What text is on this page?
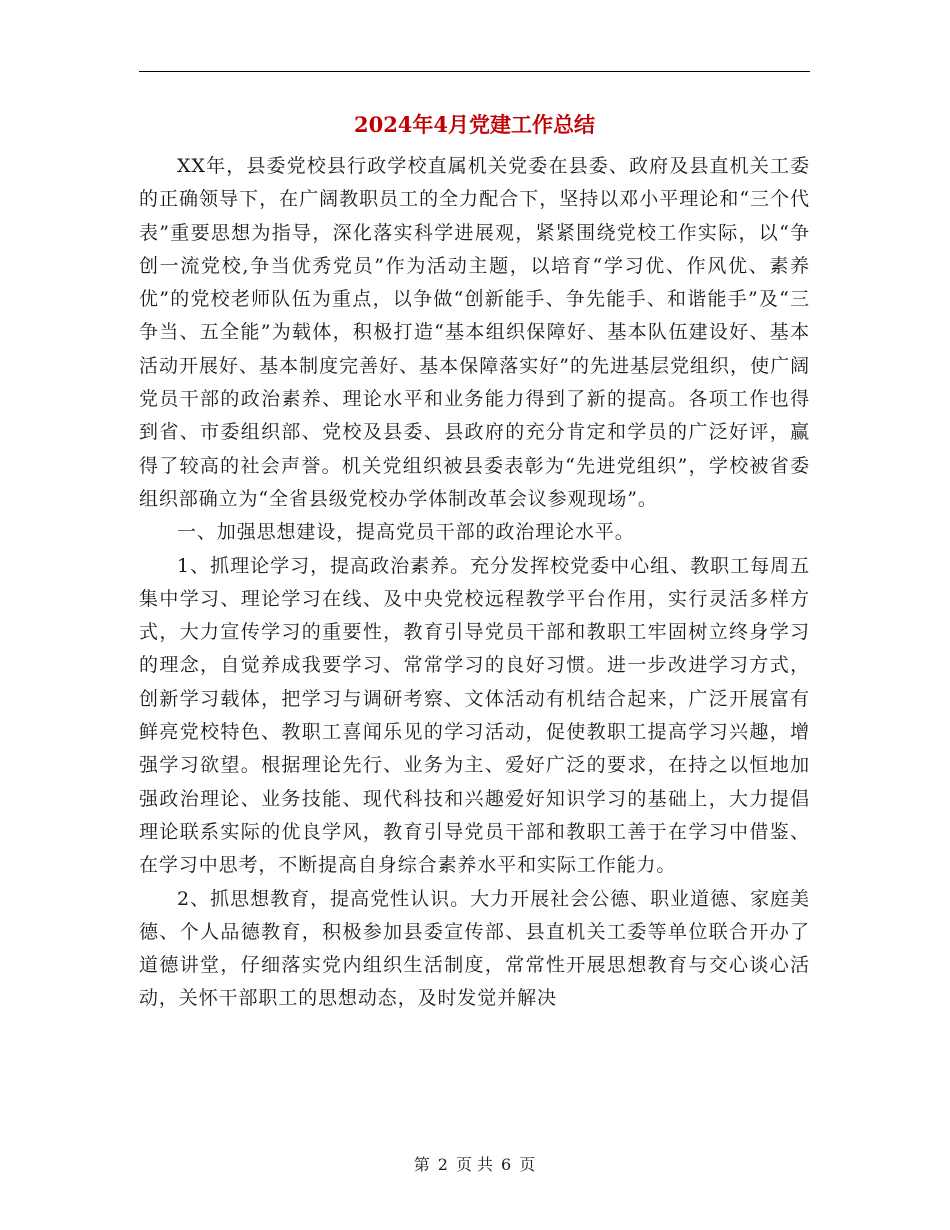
2024年4月党建工作总结

XX年，县委党校县行政学校直属机关党委在县委、政府及县直机关工委的正确领导下，在广阔教职员工的全力配合下，坚持以邓小平理论和“三个代表”重要思想为指导，深化落实科学进展观，紧紧围绕党校工作实际，以“争创一流党校,争当优秀党员”作为活动主题，以培育“学习优、作风优、素养优”的党校老师队伍为重点，以争做“创新能手、争先能手、和谐能手”及“三争当、五全能”为载体，积极打造“基本组织保障好、基本队伍建设好、基本活动开展好、基本制度完善好、基本保障落实好”的先进基层党组织，使广阔党员干部的政治素养、理论水平和业务能力得到了新的提高。各项工作也得到省、市委组织部、党校及县委、县政府的充分肯定和学员的广泛好评，赢得了较高的社会声誉。机关党组织被县委表彰为“先进党组织”，学校被省委组织部确立为“全省县级党校办学体制改革会议参观现场”。

一、加强思想建设，提高党员干部的政治理论水平。

1、抓理论学习，提高政治素养。充分发挥校党委中心组、教职工每周五集中学习、理论学习在线、及中央党校远程教学平台作用，实行灵活多样方式，大力宣传学习的重要性，教育引导党员干部和教职工牢固树立终身学习的理念，自觉养成我要学习、常常学习的良好习惯。进一步改进学习方式，创新学习载体，把学习与调研考察、文体活动有机结合起来，广泛开展富有鲜亮党校特色、教职工喜闻乐见的学习活动，促使教职工提高学习兴趣，增强学习欲望。根据理论先行、业务为主、爱好广泛的要求，在持之以恒地加强政治理论、业务技能、现代科技和兴趣爱好知识学习的基础上，大力提倡理论联系实际的优良学风，教育引导党员干部和教职工善于在学习中借鉴、在学习中思考，不断提高自身综合素养水平和实际工作能力。

2、抓思想教育，提高党性认识。大力开展社会公德、职业道德、家庭美德、个人品德教育，积极参加县委宣传部、县直机关工委等单位联合开办了道德讲堂，仔细落实党内组织生活制度，常常性开展思想教育与交心谈心活动，关怀干部职工的思想动态，及时发觉并解决

第 2 页 共 6 页
